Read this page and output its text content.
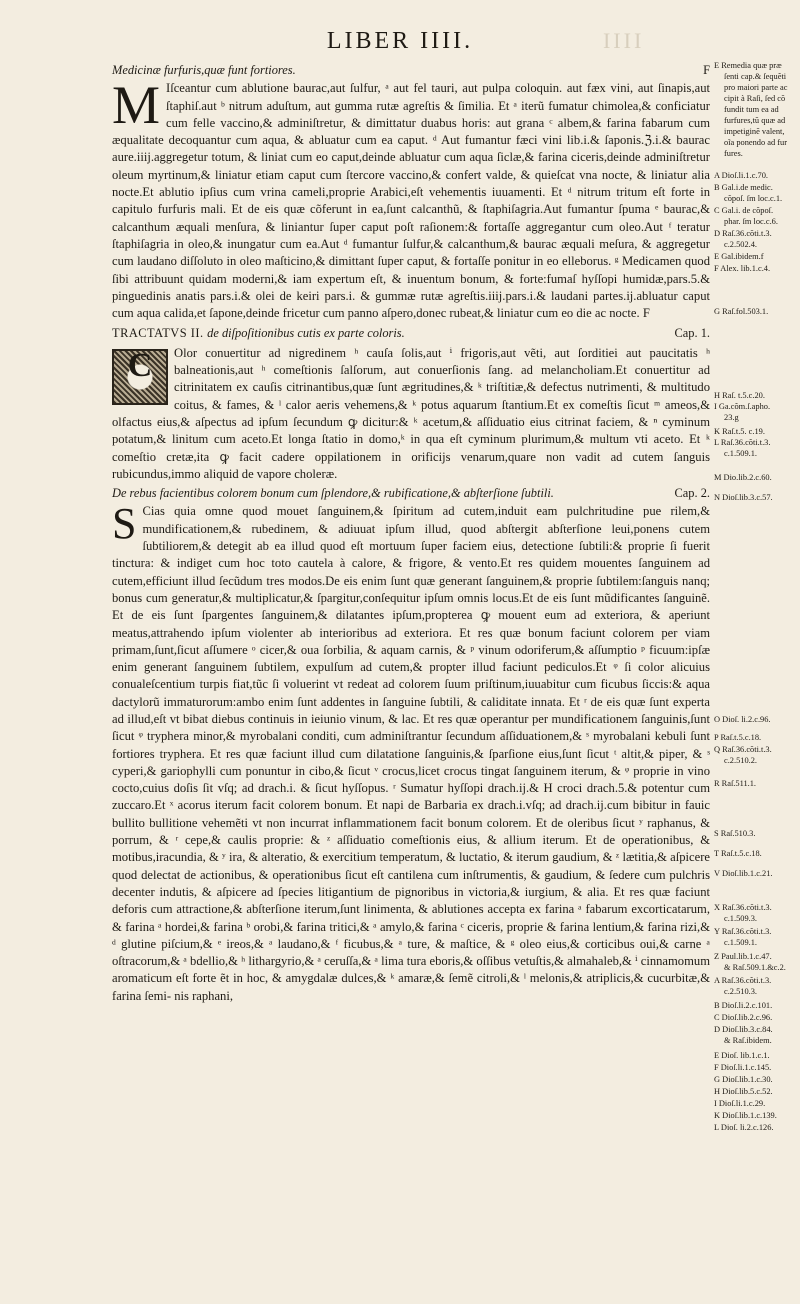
IIII
LIBER IIII.
Medicinæ furfuris,quæ funt fortiores.	F

M Iſceantur cum ablutione baurac,aut ſulfur, ᵃ aut fel tauri, aut pulpa coloquin. aut fæx vini, aut ſinapis,aut ſtaphiſ.aut ᵇ nitrum aduſtum, aut gumma rutæ agreſtis & ſimilia. Et ᵃ iterũ fumatur chimolea,& conficiatur cum felle vaccino,& adminiſtretur, & dimittatur duabus horis: aut grana ᶜ albem,& farina fabarum cum æqualitate decoquantur cum aqua, & abluatur cum ea caput. ᵈ Aut fumantur fæci vini lib.i.& ſaponis.ℨ.i.& baurac aure.iiij.aggregetur totum, & liniat cum eo caput,deinde abluatur cum aqua ſiclæ,& farina ciceris,deinde adminiſtretur oleum myrtinum,& liniatur etiam caput cum ſtercore vaccino,& confert valde, & quieſcat vna nocte, & liniatur alia nocte.Et ablutio ipſius cum vrina cameli,proprie Arabici,eſt vehementis iuuamenti. Et ᵈ nitrum tritum eſt forte in capitulo furfuris mali. Et de eis quæ cõferunt in ea,ſunt calcanthũ, & ſtaphiſagria.Aut fumantur ſpuma ᵉ baurac,& calcanthum æquali menſura, & liniantur ſuper caput poſt raſionem:& fortaſſe aggregantur cum oleo.Aut ᶠ teratur ſtaphiſagria in oleo,& inungatur cum ea.Aut ᵈ fumantur ſulfur,& calcanthum,& baurac æquali meſura, & aggregetur cum laudano diſſoluto in oleo maſticino,& dimittant ſuper caput, & fortaſſe ponitur in eo elleborus. ᵍ Medicamen quod ſibi attribuunt quidam moderni,& iam expertum eſt, & inuentum bonum, & forte:fumaſ hyſſopi humidæ,pars.5.& pinguedinis anatis pars.i.& olei de keiri pars.i. & gummæ rutæ agreſtis.iiij.pars.i.& laudani partes.ij.abluatur caput cum aqua calida,et ſapone,deinde fricetur cum panno aſpero,donec rubeat,& liniatur cum eo die ac nocte. F

TRACTATVS II. de diſpoſitionibus cutis ex parte coloris.	Cap. 1.

C	Olor conuertitur ad nigredinem ʰ cauſa ſolis,aut ⁱ frigoris,aut vẽti, aut ſorditiei aut paucitatis ʰ balneationis,aut ʰ comeſtionis ſalſorum, aut conuerſionis ſang. ad melancholiam.Et conuertitur ad citrinitatem ex cauſis citrinantibus,quæ ſunt ægritudines,& ᵏ triſtitiæ,& defectus nutrimenti, & multitudo coitus, & fames, & ˡ calor aeris vehemens,& ᵏ potus aquarum ſtantium.Et ex comeſtis ſicut ᵐ ameos,& olfactus eius,& aſpectus ad ipſum ſecundum ꝙ dicitur:& ᵏ acetum,& aſſiduatio eius citrinat faciem, & ⁿ cyminum potatum,& linitum cum aceto.Et longa ſtatio in domo,ᵏ in qua eſt cyminum plurimum,& multum vti aceto. Et ᵏ comeſtio cretæ,ita ꝙ facit cadere oppilationem in orificijs venarum,quare non vadit ad cutem ſanguis rubicundus,immo aliquid de vapore choleræ.

De rebus facientibus colorem bonum cum ſplendore,& rubificatione,& abſterſione ſubtili.	Cap. 2.

S Cias quia omne quod mouet ſanguinem,& ſpiritum ad cutem,induit eam pulchritudine pue rilem,& mundificationem,& rubedinem, & adiuuat ipſum illud, quod abſtergit abſterſione leui,ponens cutem ſubtiliorem,& detegit ab ea illud quod eſt mortuum ſuper faciem eius, detectione ſubtili:& proprie ſi fuerit tinctura: & indiget cum hoc toto cautela à calore, & frigore, & vento.Et res quidem mouentes ſanguinem ad cutem,efficiunt illud ſecũdum tres modos.De eis enim ſunt quæ generant ſanguinem,& proprie ſubtilem:ſanguis nanq; bonus cum generatur,& multiplicatur,& ſpargitur,conſequitur ipſum omnis locus.Et de eis ſunt mũdificantes ſanguinẽ. Et de eis ſunt ſpargentes ſanguinem,& dilatantes ipſum,propterea ꝙ mouent eum ad exteriora, & aperiunt meatus,attrahendo ipſum violenter ab interioribus ad exteriora. Et res quæ bonum faciunt colorem per viam primam,ſunt,ſicut aſſumere ᵒ cicer,& oua ſorbilia, & aquam carnis, & ᵖ vinum odoriferum,& aſſumptio ᵖ ficuum:ipſæ enim generant ſanguinem ſubtilem, expulſum ad cutem,& propter illud faciunt pediculos.Et ᵠ ſi color alicuius conualeſcentium turpis fiat,tũc ſi voluerint vt redeat ad colorem ſuum priſtinum,iuuabitur cum ficubus ſiccis:& aqua dactylorũ immaturorum:ambo enim ſunt addentes in ſanguine ſubtili, & caliditate innata. Et ʳ de eis quæ ſunt experta ad illud,eſt vt bibat diebus continuis in ieiunio vinum, & lac. Et res quæ operantur per mundificationem ſanguinis,ſunt ſicut ᵠ tryphera minor,& myrobalani conditi, cum adminiſtrantur ſecundum aſſiduationem,& ˢ myrobalani kebuli ſunt fortiores tryphera. Et res quæ faciunt illud cum dilatatione ſanguinis,& ſparſione eius,ſunt ſicut ᵗ altit,& piper, & ˢ cyperi,& gariophylli cum ponuntur in cibo,& ſicut ᵛ crocus,licet crocus tingat ſanguinem iterum, & ᵠ proprie in vino cocto,cuius doſis ſit vſq; ad drach.i. & ſicut hyſſopus. ʳ Sumatur hyſſopi drach.ij.& H croci drach.5.& potentur cum zuccaro.Et ˣ acorus iterum facit colorem bonum. Et napi de Barbaria ex drach.i.vſq; ad drach.ij.cum bibitur in fauic bullito bullitione vehemẽti vt non incurrat inflammationem facit bonum colorem. Et de oleribus ſicut ʸ raphanus, & porrum, & ʳ cepe,& caulis proprie: & ᶻ aſſiduatio comeſtionis eius, & allium iterum. Et de operationibus, & motibus,iracundia, & ʸ ira, & alteratio, & exercitium temperatum, & luctatio, & iterum gaudium, & ᶻ lætitia,& aſpicere quod delectat de actionibus, & operationibus ſicut eſt cantilena cum inſtrumentis, & gaudium, & ſedere cum pulchris decenter indutis, & aſpicere ad ſpecies litigantium de pignoribus in victoria,& iurgium, & alia. Et res quæ faciunt deforis cum attractione,& abſterſione iterum,ſunt linimenta, & ablutiones accepta ex farina ᵃ fabarum excorticatarum, & farina ᵃ hordei,& farina ᵇ orobi,& farina tritici,& ᵃ amylo,& farina ᶜ ciceris, proprie & farina lentium,& farina rizi,& ᵈ glutine piſcium,& ᵉ ireos,& ᵃ laudano,& ᶠ ficubus,& ᵃ ture, & maſtice, & ᵍ oleo eius,& corticibus oui,& carne ᵃ oſtracorum,& ᵃ bdellio,& ʰ lithargyrio,& ᵃ ceruſſa,& ᵃ lima tura eboris,& oſſibus vetuſtis,& almahaleb,& ⁱ cinnamomum aromaticum eſt forte ẽt in hoc, & amygdalæ dulces,& ᵏ amaræ,& ſemẽ citroli,& ˡ melonis,& atriplicis,& cucurbitæ,& farina ſemi- nis raphani,

E Remedia quæ præ
ſenti cap.& ſequẽti
pro maiori parte ac
cipit à Raſi, ſed cõ
fundit tum ea ad
furfures,tũ quæ ad
impetiginẽ valent,
oĩa ponendo ad fur
fures.
A Dioſ.li.1.c.70.
B Gal.i.de medic.
cõpoſ. ſm loc.c.1.
C Gal.i. de cõpoſ.
phar. ſm loc.c.6.
D Raſ.36.cõti.t.3.
c.2.502.4.
E Gal.ibidem.f
F Alex. lib.1.c.4.
G Raſ.fol.503.1.
H Raſ. t.5.c.20.
I Ga.cõm.ſ.apho.
23.g
K Raſ.t.5. c.19.
L Raſ.36.cõti.t.3.
c.1.509.1.
M Dio.lib.2.c.60.
N Dioſ.lib.3.c.57.
O Dioſ. li.2.c.96.
P Raſ.t.5.c.18.
Q Raſ.36.cõti.t.3.
c.2.510.2.
R Raſ.511.1.
S Raſ.510.3.
T Raſ.t.5.c.18.
V Dioſ.lib.1.c.21.
X Raſ.36.cõti.t.3.
c.1.509.3.
Y Raſ.36.cõti.t.3.
c.1.509.1.
Z Paul.lib.1.c.47.
& Raſ.509.1.&c.2.
A Raſ.36.cõti.t.3.
c.2.510.3.
B Dioſ.li.2.c.101.
C Dioſ.lib.2.c.96.
D Dioſ.lib.3.c.84.
& Raſ.ibidem.
E Dioſ. lib.1.c.1.
F Dioſ.li.1.c.145.
G Dioſ.lib.1.c.30.
H Dioſ.lib.5.c.52.
I Dioſ.li.1.c.29.
K Dioſ.lib.1.c.139.
L Dioſ. li.2.c.126.
